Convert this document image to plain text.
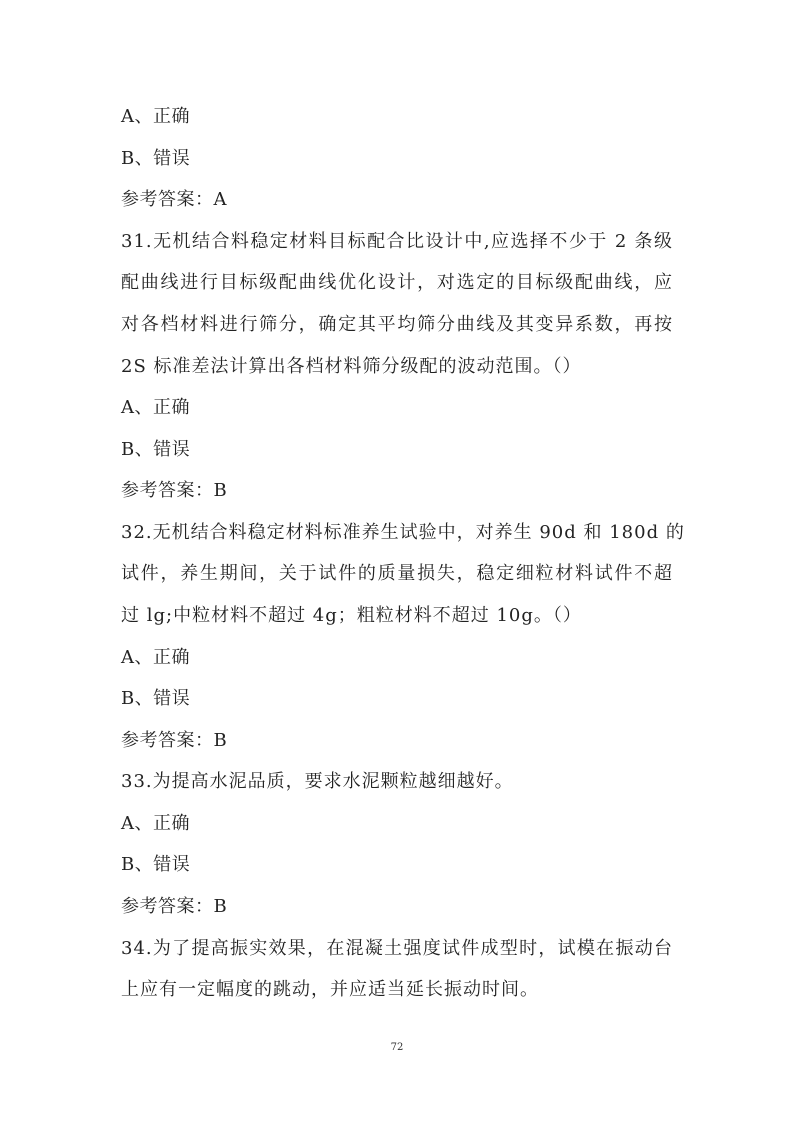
A、正确
B、错误
参考答案：A
31.无机结合料稳定材料目标配合比设计中,应选择不少于 2 条级
配曲线进行目标级配曲线优化设计，对选定的目标级配曲线，应
对各档材料进行筛分，确定其平均筛分曲线及其变异系数，再按
2S 标准差法计算出各档材料筛分级配的波动范围。（）
A、正确
B、错误
参考答案：B
32.无机结合料稳定材料标准养生试验中，对养生 90d 和 180d 的
试件，养生期间，关于试件的质量损失，稳定细粒材料试件不超
过 lg;中粒材料不超过 4g；粗粒材料不超过 10g。（）
A、正确
B、错误
参考答案：B
33.为提高水泥品质，要求水泥颗粒越细越好。
A、正确
B、错误
参考答案：B
34.为了提高振实效果，在混凝土强度试件成型时，试模在振动台
上应有一定幅度的跳动，并应适当延长振动时间。
72
